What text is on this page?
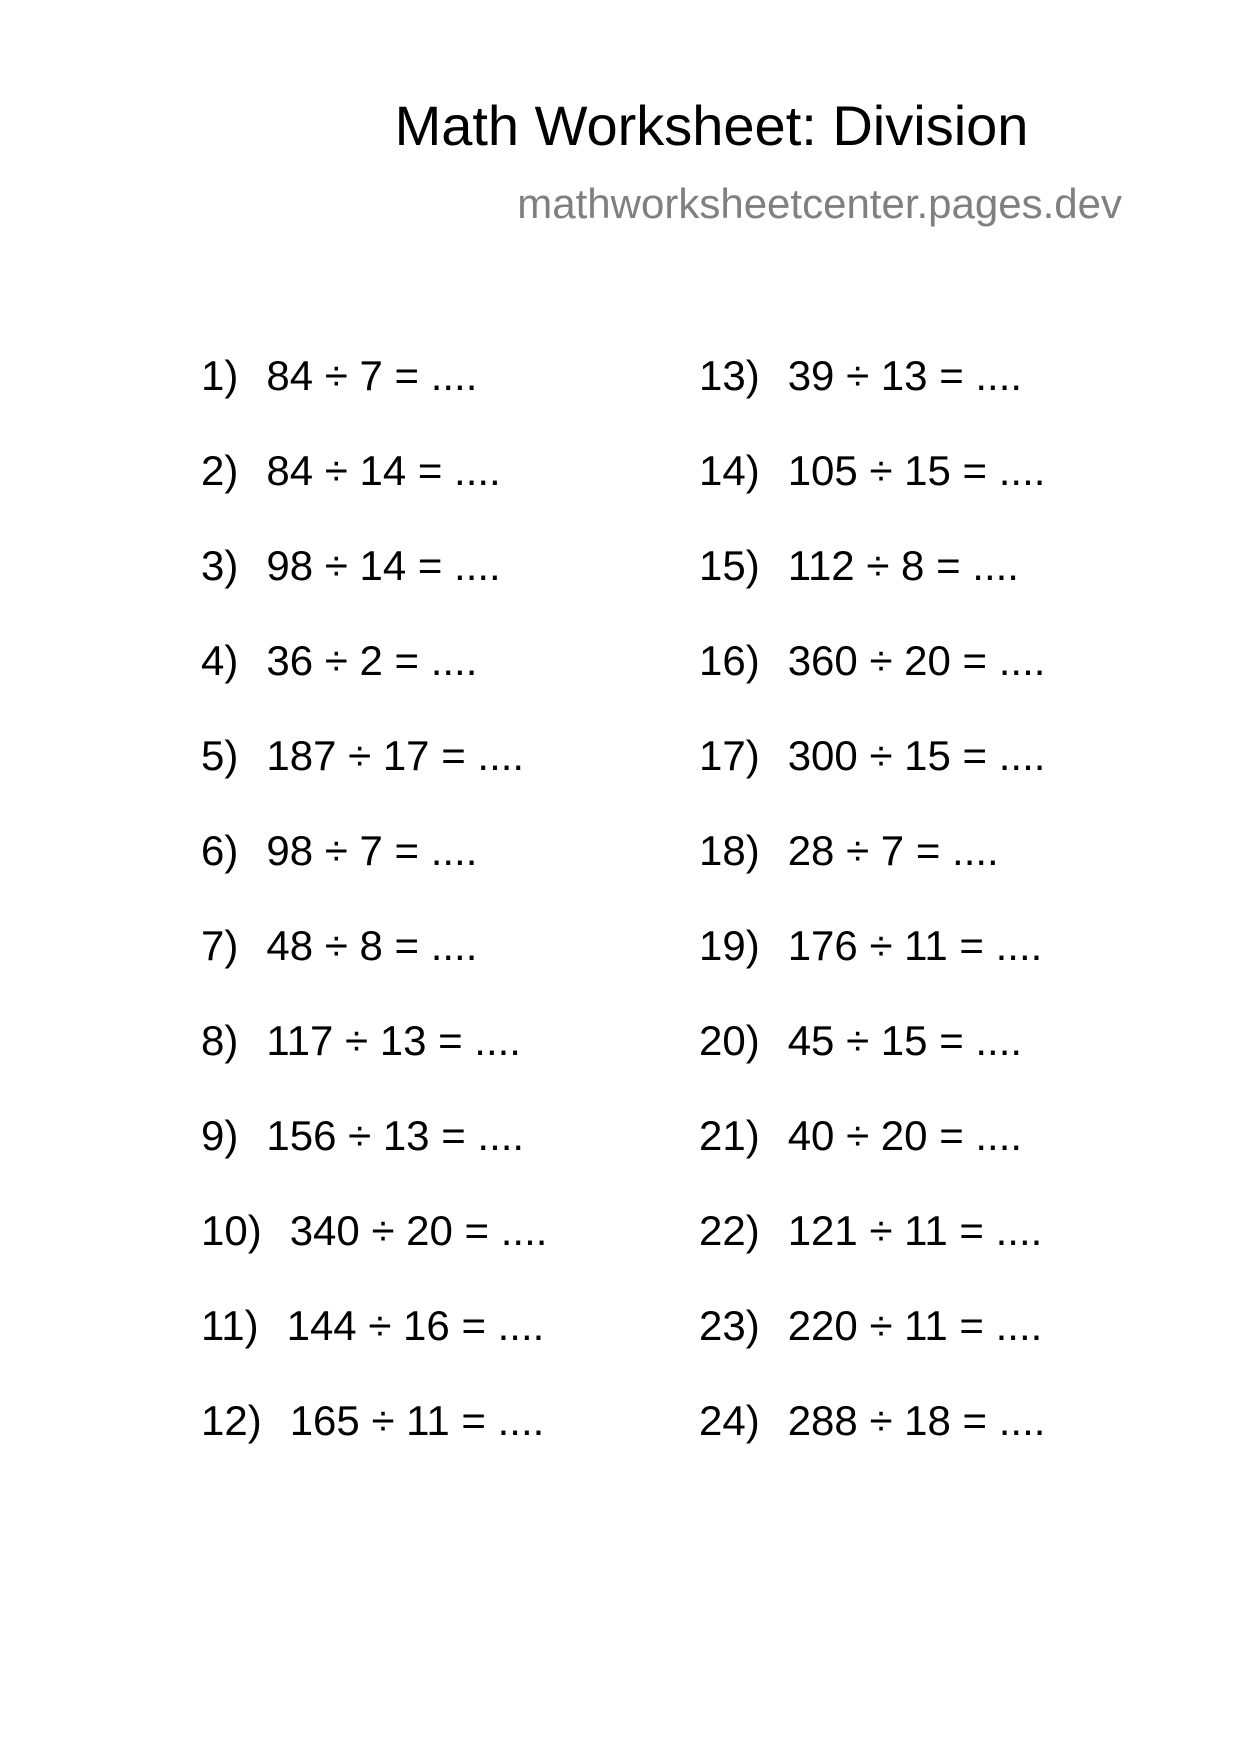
Math Worksheet: Division
mathworksheetcenter.pages.dev
1) 84 ÷ 7 = ....
2) 84 ÷ 14 = ....
3) 98 ÷ 14 = ....
4) 36 ÷ 2 = ....
5) 187 ÷ 17 = ....
6) 98 ÷ 7 = ....
7) 48 ÷ 8 = ....
8) 117 ÷ 13 = ....
9) 156 ÷ 13 = ....
10) 340 ÷ 20 = ....
11) 144 ÷ 16 = ....
12) 165 ÷ 11 = ....
13) 39 ÷ 13 = ....
14) 105 ÷ 15 = ....
15) 112 ÷ 8 = ....
16) 360 ÷ 20 = ....
17) 300 ÷ 15 = ....
18) 28 ÷ 7 = ....
19) 176 ÷ 11 = ....
20) 45 ÷ 15 = ....
21) 40 ÷ 20 = ....
22) 121 ÷ 11 = ....
23) 220 ÷ 11 = ....
24) 288 ÷ 18 = ....
